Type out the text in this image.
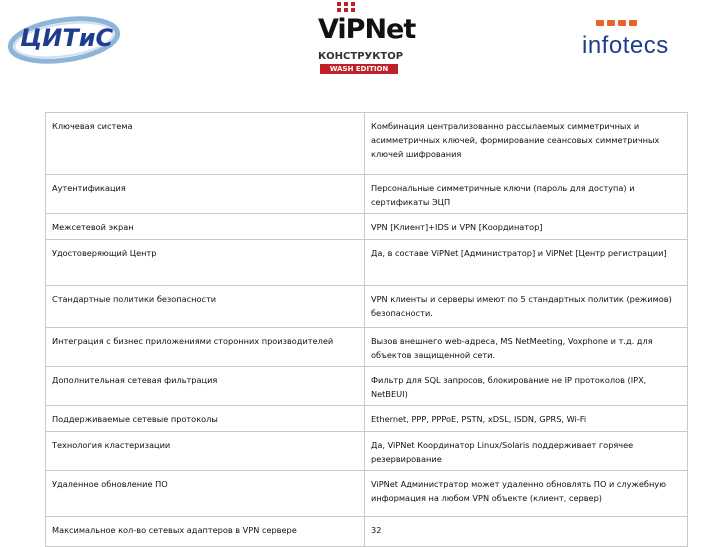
ЦИТиС	ViPNet
КОНСТРУКТОР
WASH EDITION
infotecs
Ключевая система	Комбинация централизованно рассылаемых симметричных и асимметричных ключей, формирование сеансовых симметричных ключей шифрования
Аутентификация	Персональные симметричные ключи (пароль для доступа) и сертификаты ЭЦП
Межсетевой экран	VPN [Клиент]+IDS и VPN [Координатор]
Удостоверяющий Центр	Да, в составе ViPNet [Администратор] и ViPNet [Центр регистрации]
Стандартные политики безопасности	VPN клиенты и серверы имеют по 5 стандартных политик (режимов) безопасности.
Интеграция с бизнес приложениями сторонних производителей	Вызов внешнего web-адреса, MS NetMeeting, Voxphone и т.д. для объектов защищенной сети.
Дополнительная сетевая фильтрация	Фильтр для SQL запросов, блокирование не IP протоколов (IPX, NetBEUI)
Поддерживаемые сетевые протоколы	Ethernet, PPP, PPPoE, PSTN, xDSL, ISDN, GPRS, Wi-Fi
Технология кластеризации	Да, ViPNet Координатор Linux/Solaris поддерживает горячее резервирование
Удаленное обновление ПО	ViPNet Администратор может удаленно обновлять ПО и служебную информация на любом VPN объекте (клиент, сервер)
Максимальное кол-во сетевых адаптеров в VPN сервере	32
